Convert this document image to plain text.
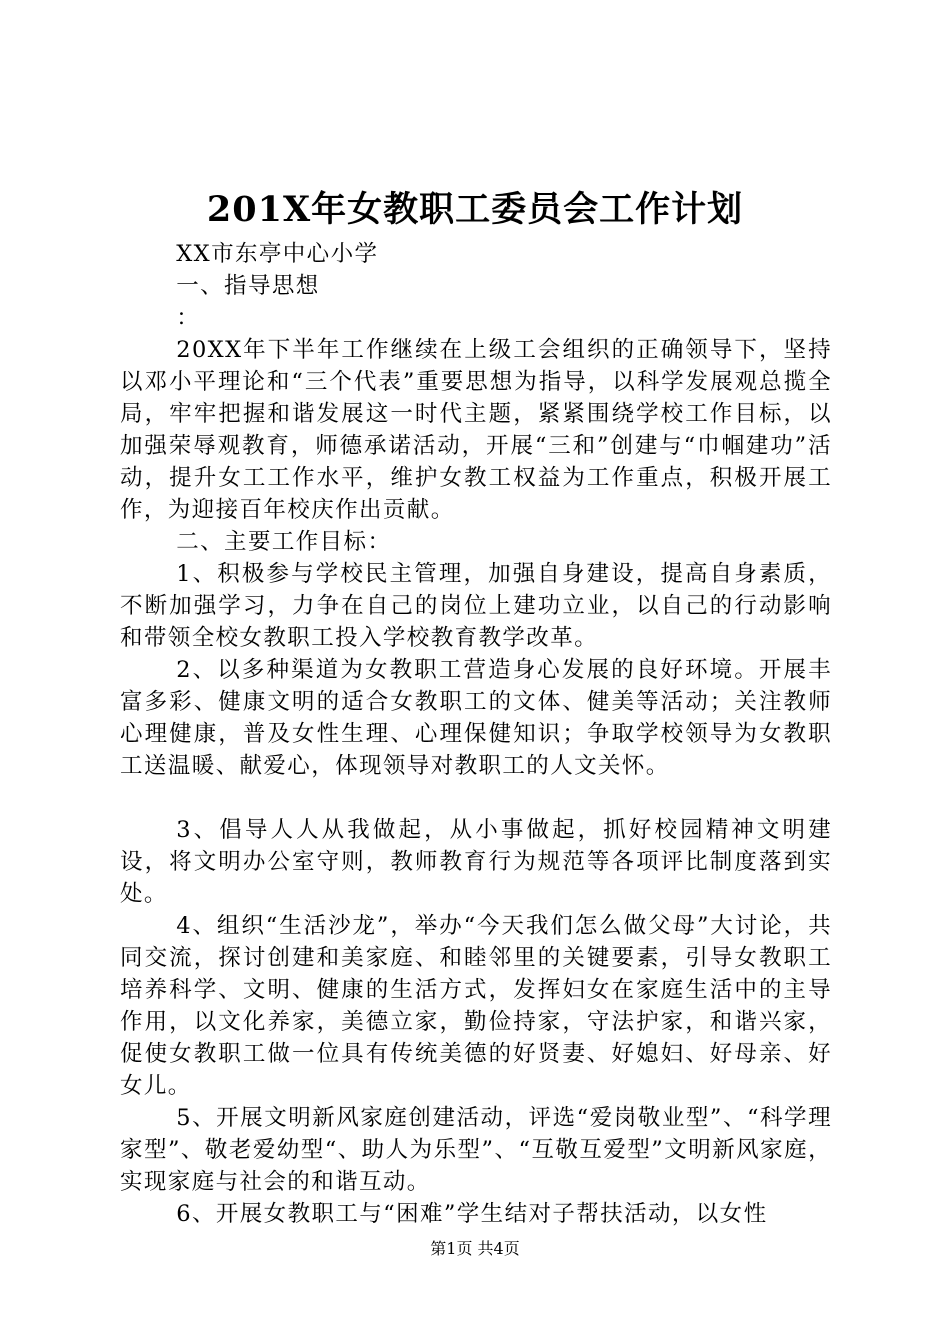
201X年女教职工委员会工作计划

XX市东亭中心小学

一、指导思想

：

20XX年下半年工作继续在上级工会组织的正确领导下，坚持以邓小平理论和“三个代表”重要思想为指导，以科学发展观总揽全局，牢牢把握和谐发展这一时代主题，紧紧围绕学校工作目标，以加强荣辱观教育，师德承诺活动，开展“三和”创建与“巾帼建功”活动，提升女工工作水平，维护女教工权益为工作重点，积极开展工作，为迎接百年校庆作出贡献。

二、主要工作目标：

1、积极参与学校民主管理，加强自身建设，提高自身素质，不断加强学习，力争在自己的岗位上建功立业，以自己的行动影响和带领全校女教职工投入学校教育教学改革。

2、以多种渠道为女教职工营造身心发展的良好环境。开展丰富多彩、健康文明的适合女教职工的文体、健美等活动；关注教师心理健康，普及女性生理、心理保健知识；争取学校领导为女教职工送温暖、献爱心，体现领导对教职工的人文关怀。

3、倡导人人从我做起，从小事做起，抓好校园精神文明建设，将文明办公室守则，教师教育行为规范等各项评比制度落到实处。

4、组织“生活沙龙”，举办“今天我们怎么做父母”大讨论，共同交流，探讨创建和美家庭、和睦邻里的关键要素，引导女教职工培养科学、文明、健康的生活方式，发挥妇女在家庭生活中的主导作用，以文化养家，美德立家，勤俭持家，守法护家，和谐兴家，促使女教职工做一位具有传统美德的好贤妻、好媳妇、好母亲、好女儿。

5、开展文明新风家庭创建活动，评选“爱岗敬业型”、“科学理家型”、敬老爱幼型“、助人为乐型”、“互敬互爱型”文明新风家庭，实现家庭与社会的和谐互动。

6、开展女教职工与“困难”学生结对子帮扶活动，以女性

第1页 共4页
